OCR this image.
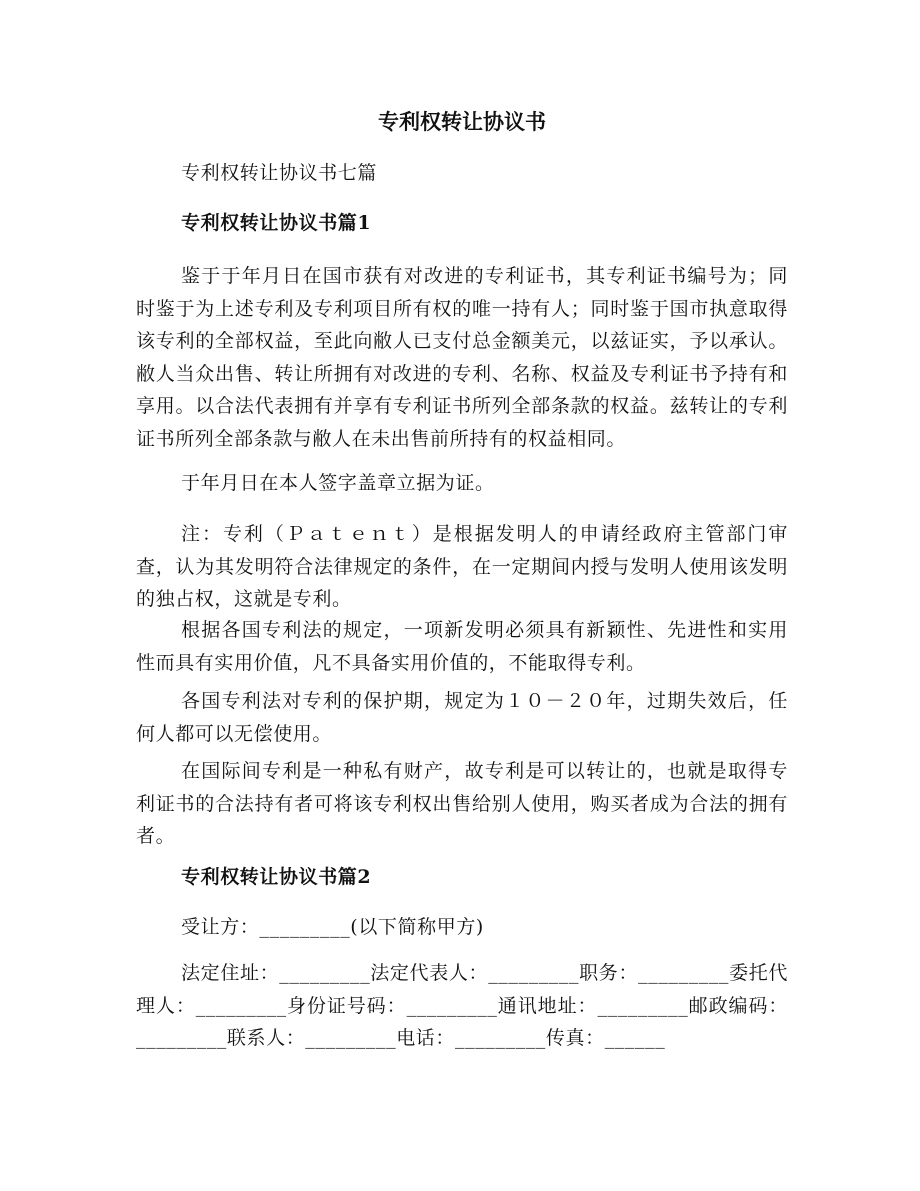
专利权转让协议书
专利权转让协议书七篇
专利权转让协议书篇1
鉴于于年月日在国市获有对改进的专利证书，其专利证书编号为；同时鉴于为上述专利及专利项目所有权的唯一持有人；同时鉴于国市执意取得该专利的全部权益，至此向敝人已支付总金额美元，以兹证实，予以承认。敝人当众出售、转让所拥有对改进的专利、名称、权益及专利证书予持有和享用。以合法代表拥有并享有专利证书所列全部条款的权益。兹转让的专利证书所列全部条款与敝人在未出售前所持有的权益相同。
于年月日在本人签字盖章立据为证。
注：专利（Ｐａｔｅｎｔ）是根据发明人的申请经政府主管部门审查，认为其发明符合法律规定的条件，在一定期间内授与发明人使用该发明的独占权，这就是专利。
根据各国专利法的规定，一项新发明必须具有新颖性、先进性和实用性而具有实用价值，凡不具备实用价值的，不能取得专利。
各国专利法对专利的保护期，规定为１０－２０年，过期失效后，任何人都可以无偿使用。
在国际间专利是一种私有财产，故专利是可以转让的，也就是取得专利证书的合法持有者可将该专利权出售给别人使用，购买者成为合法的拥有者。
专利权转让协议书篇2
受让方：_________(以下简称甲方)
法定住址：_________法定代表人：_________职务：_________委托代理人：_________身份证号码：_________通讯地址：_________邮政编码：_________联系人：_________电话：_________传真：______
